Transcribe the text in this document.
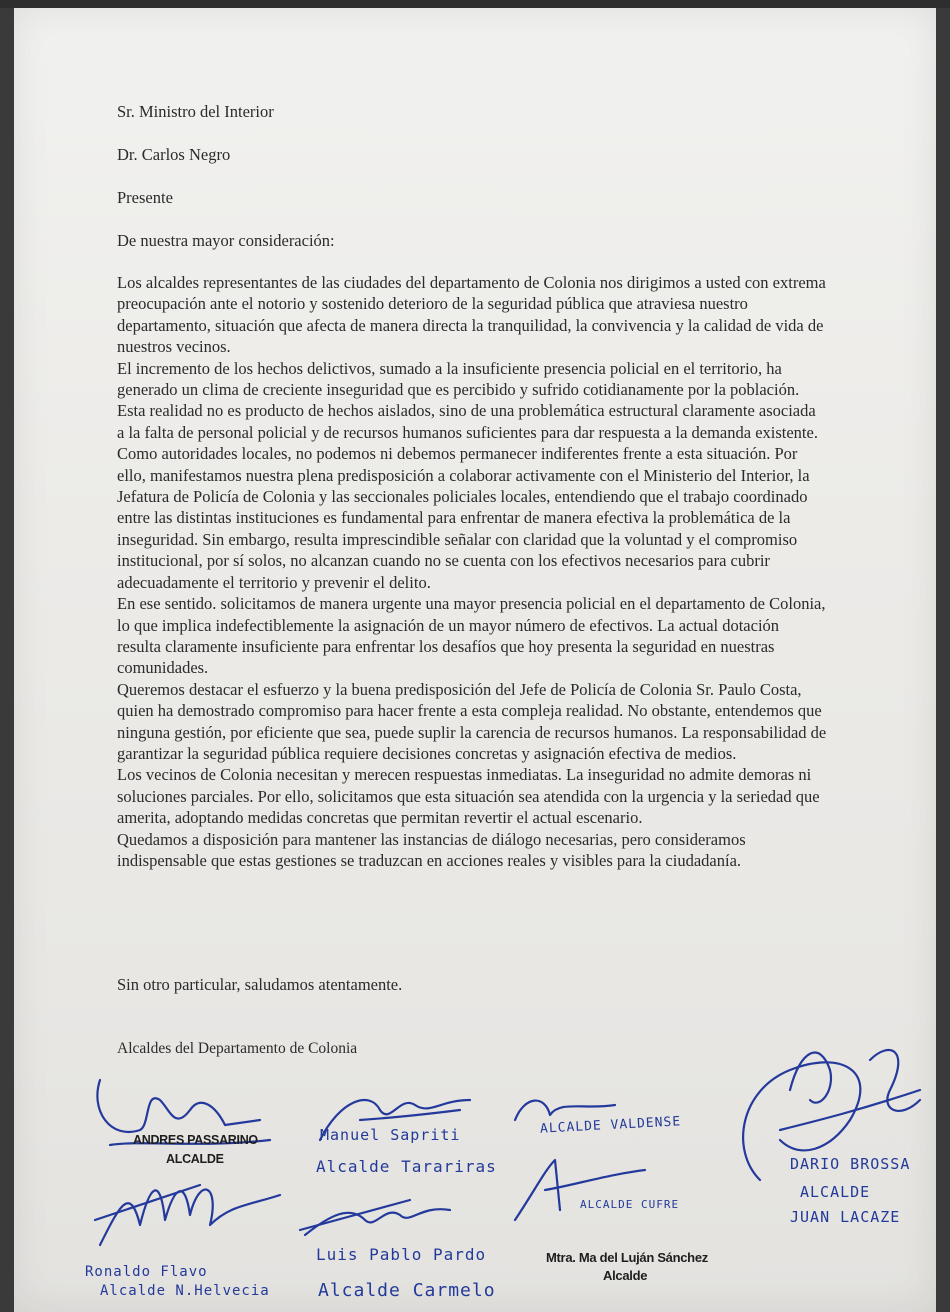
Sr. Ministro del Interior
Dr. Carlos Negro
Presente
De nuestra mayor consideración:

Los alcaldes representantes de las ciudades del departamento de Colonia nos dirigimos a usted con extrema preocupación ante el notorio y sostenido deterioro de la seguridad pública que atraviesa nuestro departamento, situación que afecta de manera directa la tranquilidad, la convivencia y la calidad de vida de nuestros vecinos.

El incremento de los hechos delictivos, sumado a la insuficiente presencia policial en el territorio, ha generado un clima de creciente inseguridad que es percibido y sufrido cotidianamente por la población. Esta realidad no es producto de hechos aislados, sino de una problemática estructural claramente asociada a la falta de personal policial y de recursos humanos suficientes para dar respuesta a la demanda existente.

Como autoridades locales, no podemos ni debemos permanecer indiferentes frente a esta situación. Por ello, manifestamos nuestra plena predisposición a colaborar activamente con el Ministerio del Interior, la Jefatura de Policía de Colonia y las seccionales policiales locales, entendiendo que el trabajo coordinado entre las distintas instituciones es fundamental para enfrentar de manera efectiva la problemática de la inseguridad. Sin embargo, resulta imprescindible señalar con claridad que la voluntad y el compromiso institucional, por sí solos, no alcanzan cuando no se cuenta con los efectivos necesarios para cubrir adecuadamente el territorio y prevenir el delito.

En ese sentido. solicitamos de manera urgente una mayor presencia policial en el departamento de Colonia, lo que implica indefectiblemente la asignación de un mayor número de efectivos. La actual dotación resulta claramente insuficiente para enfrentar los desafíos que hoy presenta la seguridad en nuestras comunidades.

Queremos destacar el esfuerzo y la buena predisposición del Jefe de Policía de Colonia Sr. Paulo Costa, quien ha demostrado compromiso para hacer frente a esta compleja realidad. No obstante, entendemos que ninguna gestión, por eficiente que sea, puede suplir la carencia de recursos humanos. La responsabilidad de garantizar la seguridad pública requiere decisiones concretas y asignación efectiva de medios.

Los vecinos de Colonia necesitan y merecen respuestas inmediatas. La inseguridad no admite demoras ni soluciones parciales. Por ello, solicitamos que esta situación sea atendida con la urgencia y la seriedad que amerita, adoptando medidas concretas que permitan revertir el actual escenario.

Quedamos a disposición para mantener las instancias de diálogo necesarias, pero consideramos indispensable que estas gestiones se traduzcan en acciones reales y visibles para la ciudadanía.

Sin otro particular, saludamos atentamente.
Alcaldes del Departamento de Colonia
ANDRES PASSARINO
ALCALDE
Mtra. Ma del Luján Sánchez
Alcalde
Manuel Sapriti
Alcalde Tarariras
ALCALDE VALDENSE
ALCALDE CUFRE
Luis Pablo Pardo
Alcalde Carmelo
Ronaldo Flavo
Alcalde N.Helvecia
DARIO BROSSA
ALCALDE
JUAN LACAZE
